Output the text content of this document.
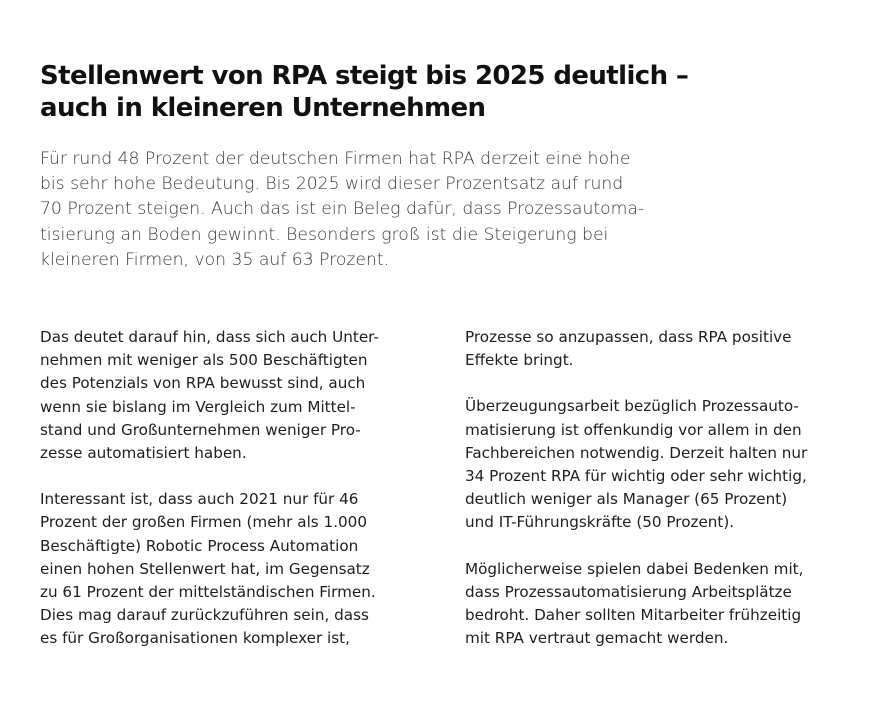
Stellenwert von RPA steigt bis 2025 deutlich –
auch in kleineren Unternehmen

Für rund 48 Prozent der deutschen Firmen hat RPA derzeit eine hohe
bis sehr hohe Bedeutung. Bis 2025 wird dieser Prozentsatz auf rund
70 Prozent steigen. Auch das ist ein Beleg dafür, dass Prozessautoma-
tisierung an Boden gewinnt. Besonders groß ist die Steigerung bei
kleineren Firmen, von 35 auf 63 Prozent.

Das deutet darauf hin, dass sich auch Unter-
nehmen mit weniger als 500 Beschäftigten
des Potenzials von RPA bewusst sind, auch
wenn sie bislang im Vergleich zum Mittel-
stand und Großunternehmen weniger Pro-
zesse automatisiert haben.

Interessant ist, dass auch 2021 nur für 46
Prozent der großen Firmen (mehr als 1.000
Beschäftigte) Robotic Process Automation
einen hohen Stellenwert hat, im Gegensatz
zu 61 Prozent der mittelständischen Firmen.
Dies mag darauf zurückzuführen sein, dass
es für Großorganisationen komplexer ist,

Prozesse so anzupassen, dass RPA positive
Effekte bringt.

Überzeugungsarbeit bezüglich Prozessauto-
matisierung ist offenkundig vor allem in den
Fachbereichen notwendig. Derzeit halten nur
34 Prozent RPA für wichtig oder sehr wichtig,
deutlich weniger als Manager (65 Prozent)
und IT-Führungskräfte (50 Prozent).

Möglicherweise spielen dabei Bedenken mit,
dass Prozessautomatisierung Arbeitsplätze
bedroht. Daher sollten Mitarbeiter frühzeitig
mit RPA vertraut gemacht werden.
